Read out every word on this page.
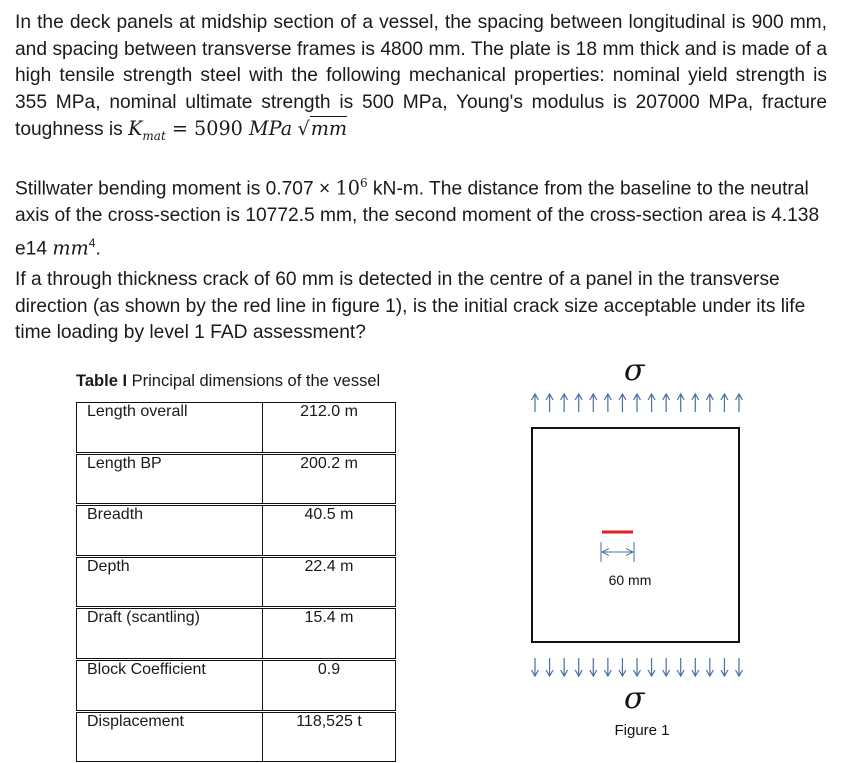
In the deck panels at midship section of a vessel, the spacing between longitudinal is 900 mm, and spacing between transverse frames is 4800 mm. The plate is 18 mm thick and is made of a high tensile strength steel with the following mechanical properties: nominal yield strength is 355 MPa, nominal ultimate strength is 500 MPa, Young's modulus is 207000 MPa, fracture toughness is $K_{mat} = 5090$ MPa √mm
Stillwater bending moment is $0.707 \times 10^6$ kN-m. The distance from the baseline to the neutral axis of the cross-section is 10772.5 mm, the second moment of the cross-section area is 4.138 e14 $mm^4$.
If a through thickness crack of 60 mm is detected in the centre of a panel in the transverse direction (as shown by the red line in figure 1), is the initial crack size acceptable under its life time loading by level 1 FAD assessment?
Table I Principal dimensions of the vessel
Length overall	212.0 m
Length BP	200.2 m
Breadth	40.5 m
Depth	22.4 m
Draft (scantling)	15.4 m
Block Coefficient	0.9
Displacement	118,525 t
σ
60 mm
σ
Figure 1
